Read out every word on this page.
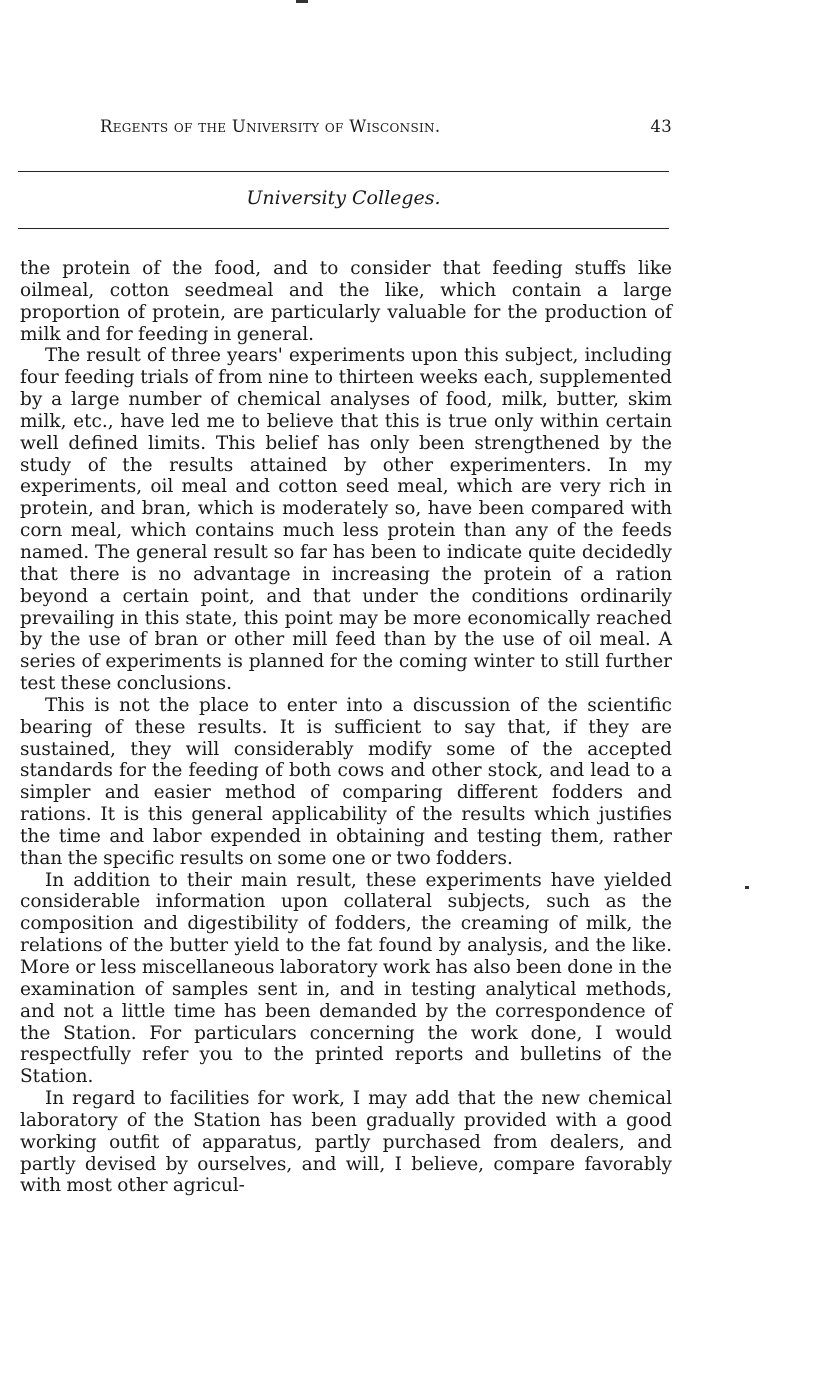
Regents of the University of Wisconsin.	43
University Colleges.

the protein of the food, and to consider that feeding stuffs like oilmeal, cotton seedmeal and the like, which contain a large proportion of protein, are particularly valuable for the production of milk and for feeding in general.

The result of three years' experiments upon this subject, including four feeding trials of from nine to thirteen weeks each, supplemented by a large number of chemical analyses of food, milk, butter, skim milk, etc., have led me to believe that this is true only within certain well defined limits. This belief has only been strengthened by the study of the results attained by other experimenters. In my experiments, oil meal and cotton seed meal, which are very rich in protein, and bran, which is moderately so, have been compared with corn meal, which contains much less protein than any of the feeds named. The general result so far has been to indicate quite decidedly that there is no advantage in increasing the protein of a ration beyond a certain point, and that under the conditions ordinarily prevailing in this state, this point may be more economically reached by the use of bran or other mill feed than by the use of oil meal. A series of experiments is planned for the coming winter to still further test these conclusions.

This is not the place to enter into a discussion of the scientific bearing of these results. It is sufficient to say that, if they are sustained, they will considerably modify some of the accepted standards for the feeding of both cows and other stock, and lead to a simpler and easier method of comparing different fodders and rations. It is this general applicability of the results which justifies the time and labor expended in obtaining and testing them, rather than the specific results on some one or two fodders.

In addition to their main result, these experiments have yielded considerable information upon collateral subjects, such as the composition and digestibility of fodders, the creaming of milk, the relations of the butter yield to the fat found by analysis, and the like. More or less miscellaneous laboratory work has also been done in the examination of samples sent in, and in testing analytical methods, and not a little time has been demanded by the correspondence of the Station. For particulars concerning the work done, I would respectfully refer you to the printed reports and bulletins of the Station.

In regard to facilities for work, I may add that the new chemical laboratory of the Station has been gradually provided with a good working outfit of apparatus, partly purchased from dealers, and partly devised by ourselves, and will, I believe, compare favorably with most other agricul-
